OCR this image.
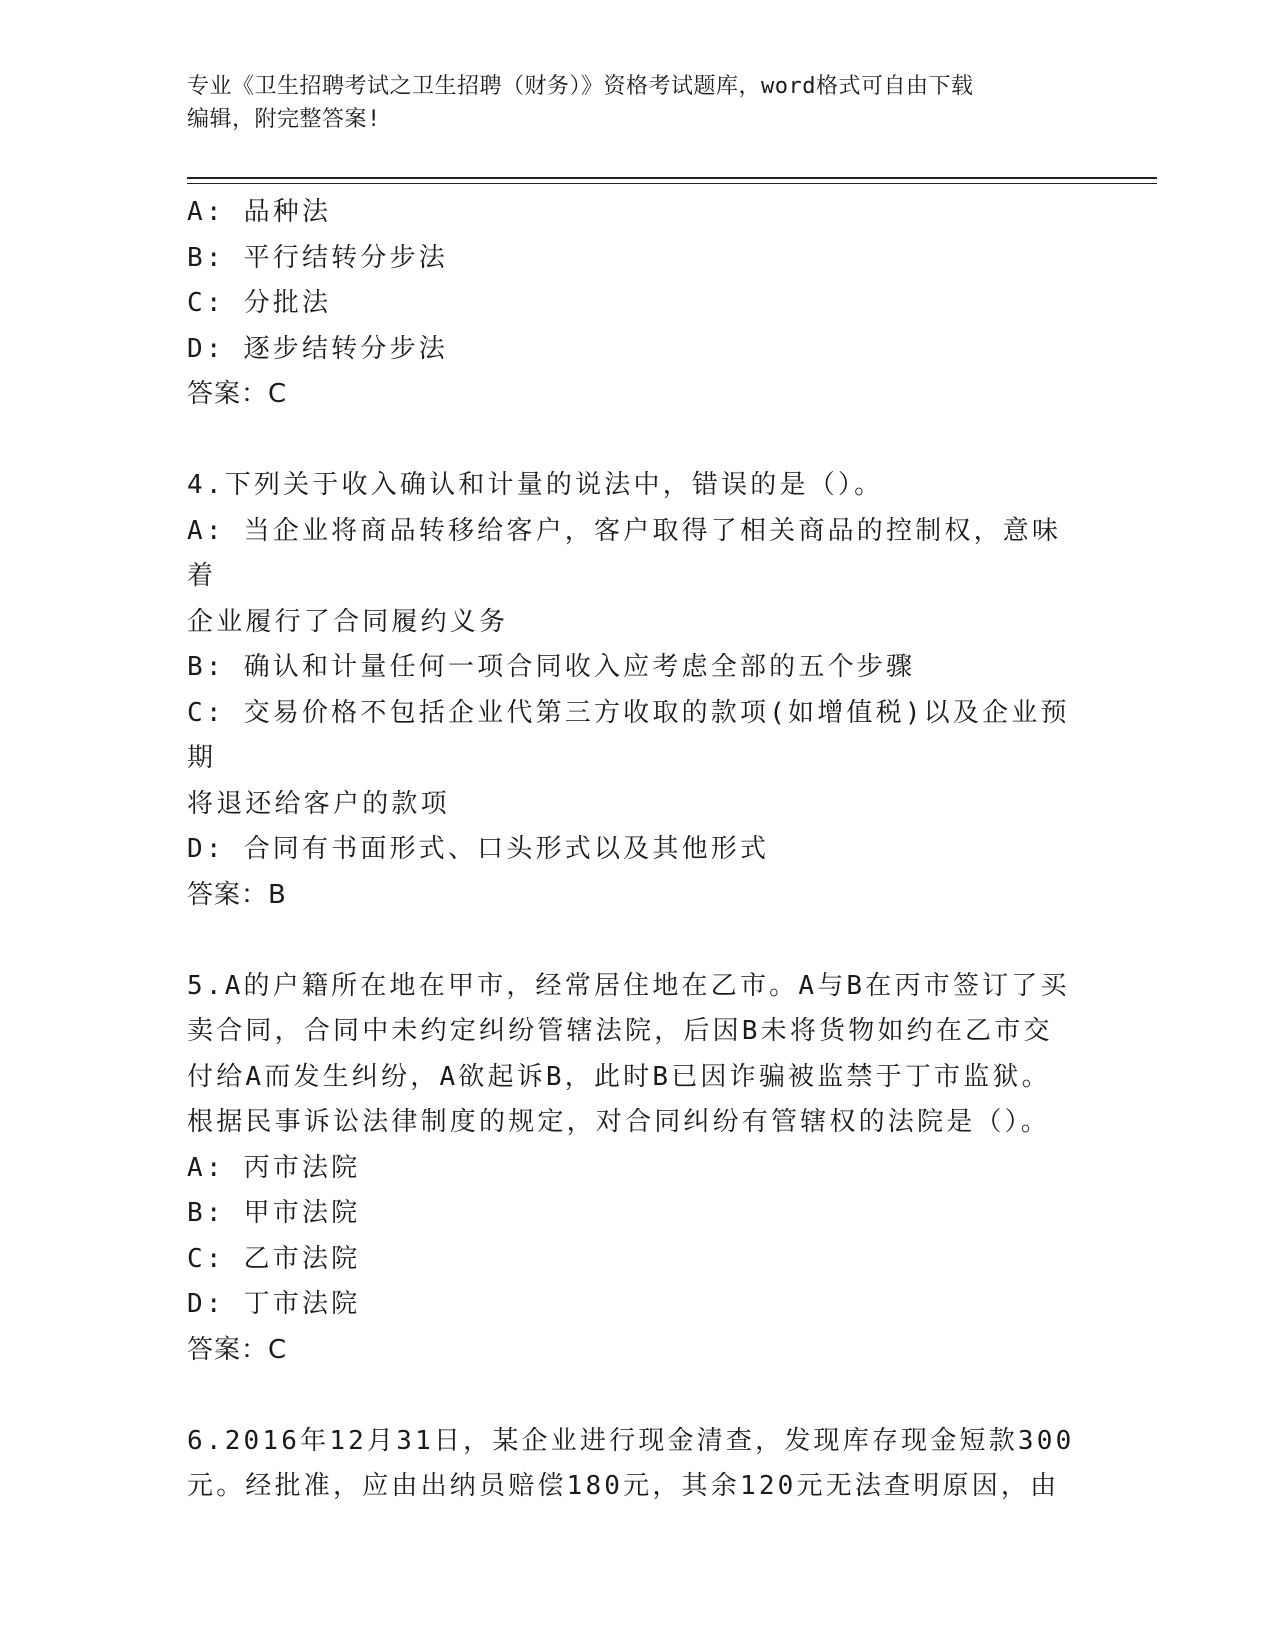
专业《卫生招聘考试之卫生招聘（财务）》资格考试题库，word格式可自由下载
编辑，附完整答案!
A: 品种法
B: 平行结转分步法
C: 分批法
D: 逐步结转分步法
答案：C
4.下列关于收入确认和计量的说法中，错误的是（）。
A: 当企业将商品转移给客户，客户取得了相关商品的控制权，意味着
企业履行了合同履约义务
B: 确认和计量任何一项合同收入应考虑全部的五个步骤
C: 交易价格不包括企业代第三方收取的款项(如增值税)以及企业预期
将退还给客户的款项
D: 合同有书面形式、口头形式以及其他形式
答案：B
5.A的户籍所在地在甲市，经常居住地在乙市。A与B在丙市签订了买
卖合同，合同中未约定纠纷管辖法院，后因B未将货物如约在乙市交
付给A而发生纠纷，A欲起诉B，此时B已因诈骗被监禁于丁市监狱。
根据民事诉讼法律制度的规定，对合同纠纷有管辖权的法院是（）。
A: 丙市法院
B: 甲市法院
C: 乙市法院
D: 丁市法院
答案：C
6.2016年12月31日，某企业进行现金清查，发现库存现金短款300
元。经批准，应由出纳员赔偿180元，其余120元无法查明原因，由
